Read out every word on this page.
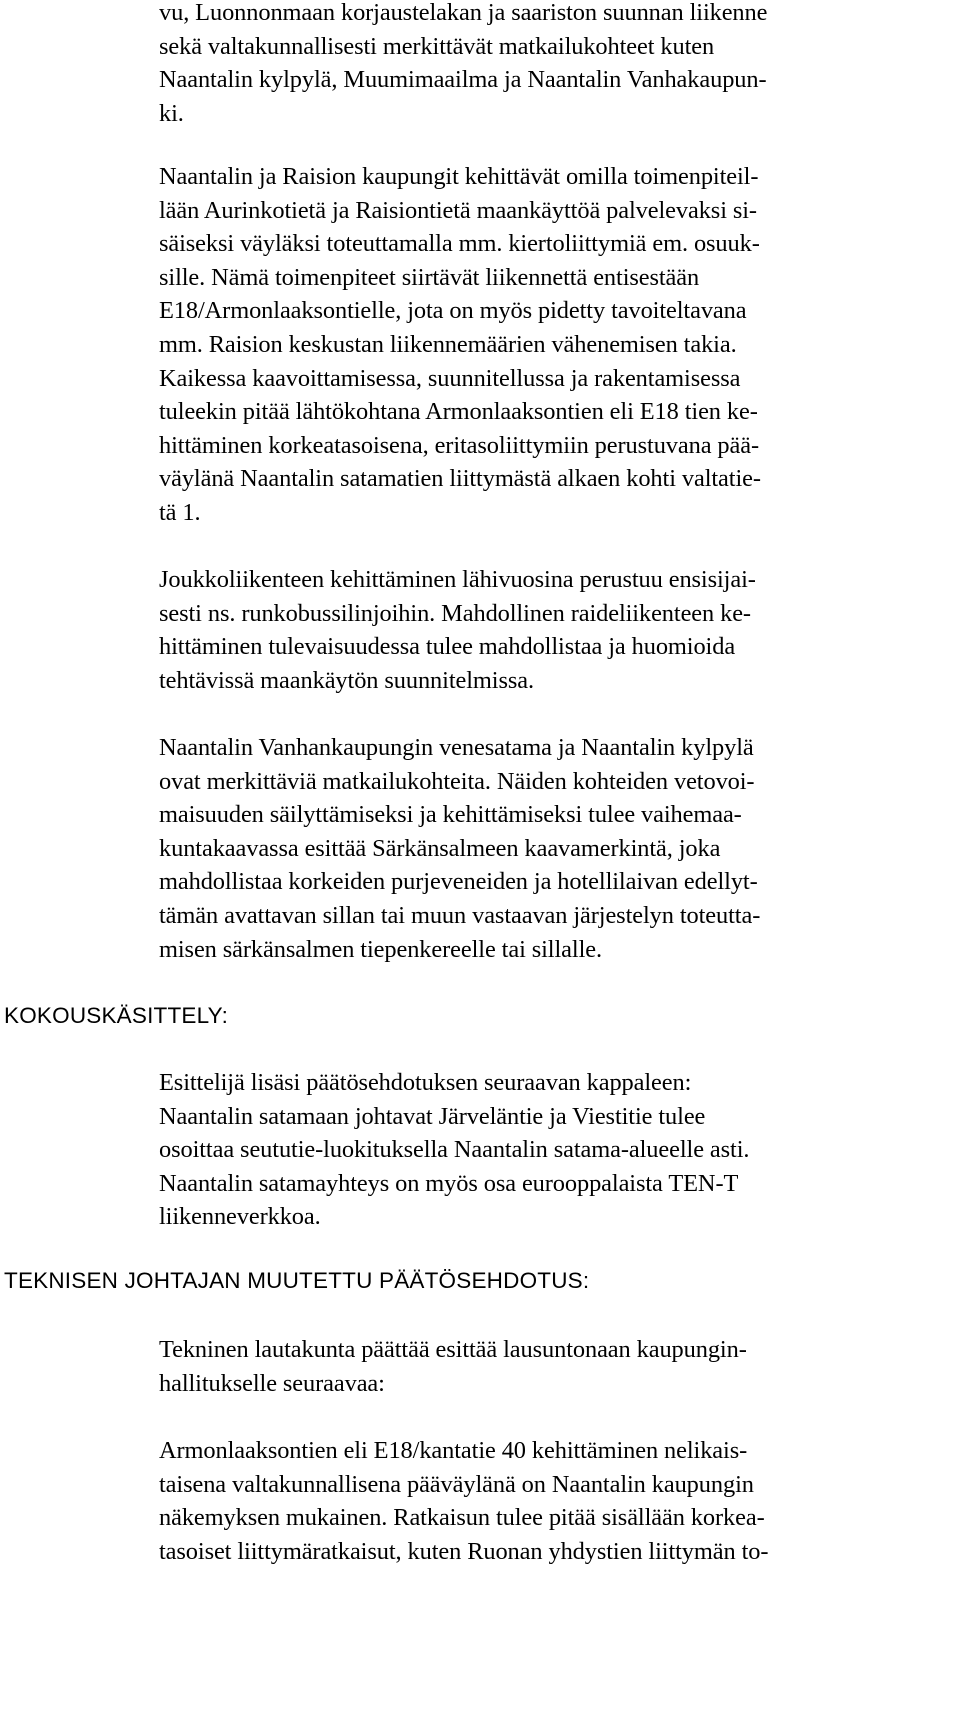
vu, Luonnonmaan korjaustelakan ja saariston suunnan liikenne
sekä valtakunnallisesti merkittävät matkailukohteet kuten
Naantalin kylpylä, Muumimaailma ja Naantalin Vanhakaupun-
ki.
Naantalin ja Raision kaupungit kehittävät omilla toimenpiteil-
lään Aurinkotietä ja Raisiontietä maankäyttöä palvelevaksi si-
säiseksi väyläksi toteuttamalla mm. kiertoliittymiä em. osuuk-
sille. Nämä toimenpiteet siirtävät liikennettä entisestään
E18/Armonlaaksontielle, jota on myös pidetty tavoiteltavana
mm. Raision keskustan liikennemäärien vähenemisen takia.
Kaikessa kaavoittamisessa, suunnitellussa ja rakentamisessa
tuleekin pitää lähtökohtana Armonlaaksontien eli E18 tien ke-
hittäminen korkeatasoisena, eritasoliittymiin perustuvana pää-
väylänä Naantalin satamatien liittymästä alkaen kohti valtatie-
tä 1.
Joukkoliikenteen kehittäminen lähivuosina perustuu ensisijai-
sesti ns. runkobussilinjoihin. Mahdollinen raideliikenteen ke-
hittäminen tulevaisuudessa tulee mahdollistaa ja huomioida
tehtävissä maankäytön suunnitelmissa.
Naantalin Vanhankaupungin venesatama ja Naantalin kylpylä
ovat merkittäviä matkailukohteita. Näiden kohteiden vetovoi-
maisuuden säilyttämiseksi ja kehittämiseksi tulee vaihemaa-
kuntakaavassa esittää Särkänsalmeen kaavamerkintä, joka
mahdollistaa korkeiden purjeveneiden ja hotellilaivan edellyt-
tämän avattavan sillan tai muun vastaavan järjestelyn toteutta-
misen särkänsalmen tiepenkereelle tai sillalle.
KOKOUSKÄSITTELY:
Esittelijä lisäsi päätösehdotuksen seuraavan kappaleen:
Naantalin satamaan johtavat Järveläntie ja Viestitie tulee
osoittaa seututie-luokituksella Naantalin satama-alueelle asti.
Naantalin satamayhteys on myös osa eurooppalaista TEN-T
liikenneverkkoa.
TEKNISEN JOHTAJAN MUUTETTU PÄÄTÖSEHDOTUS:
Tekninen lautakunta päättää esittää lausuntonaan kaupungin-
hallitukselle seuraavaa:
Armonlaaksontien eli E18/kantatie 40 kehittäminen nelikais-
taisena valtakunnallisena pääväylänä on Naantalin kaupungin
näkemyksen mukainen. Ratkaisun tulee pitää sisällään korkea-
tasoiset liittymäratkaisut, kuten Ruonan yhdystien liittymän to-
